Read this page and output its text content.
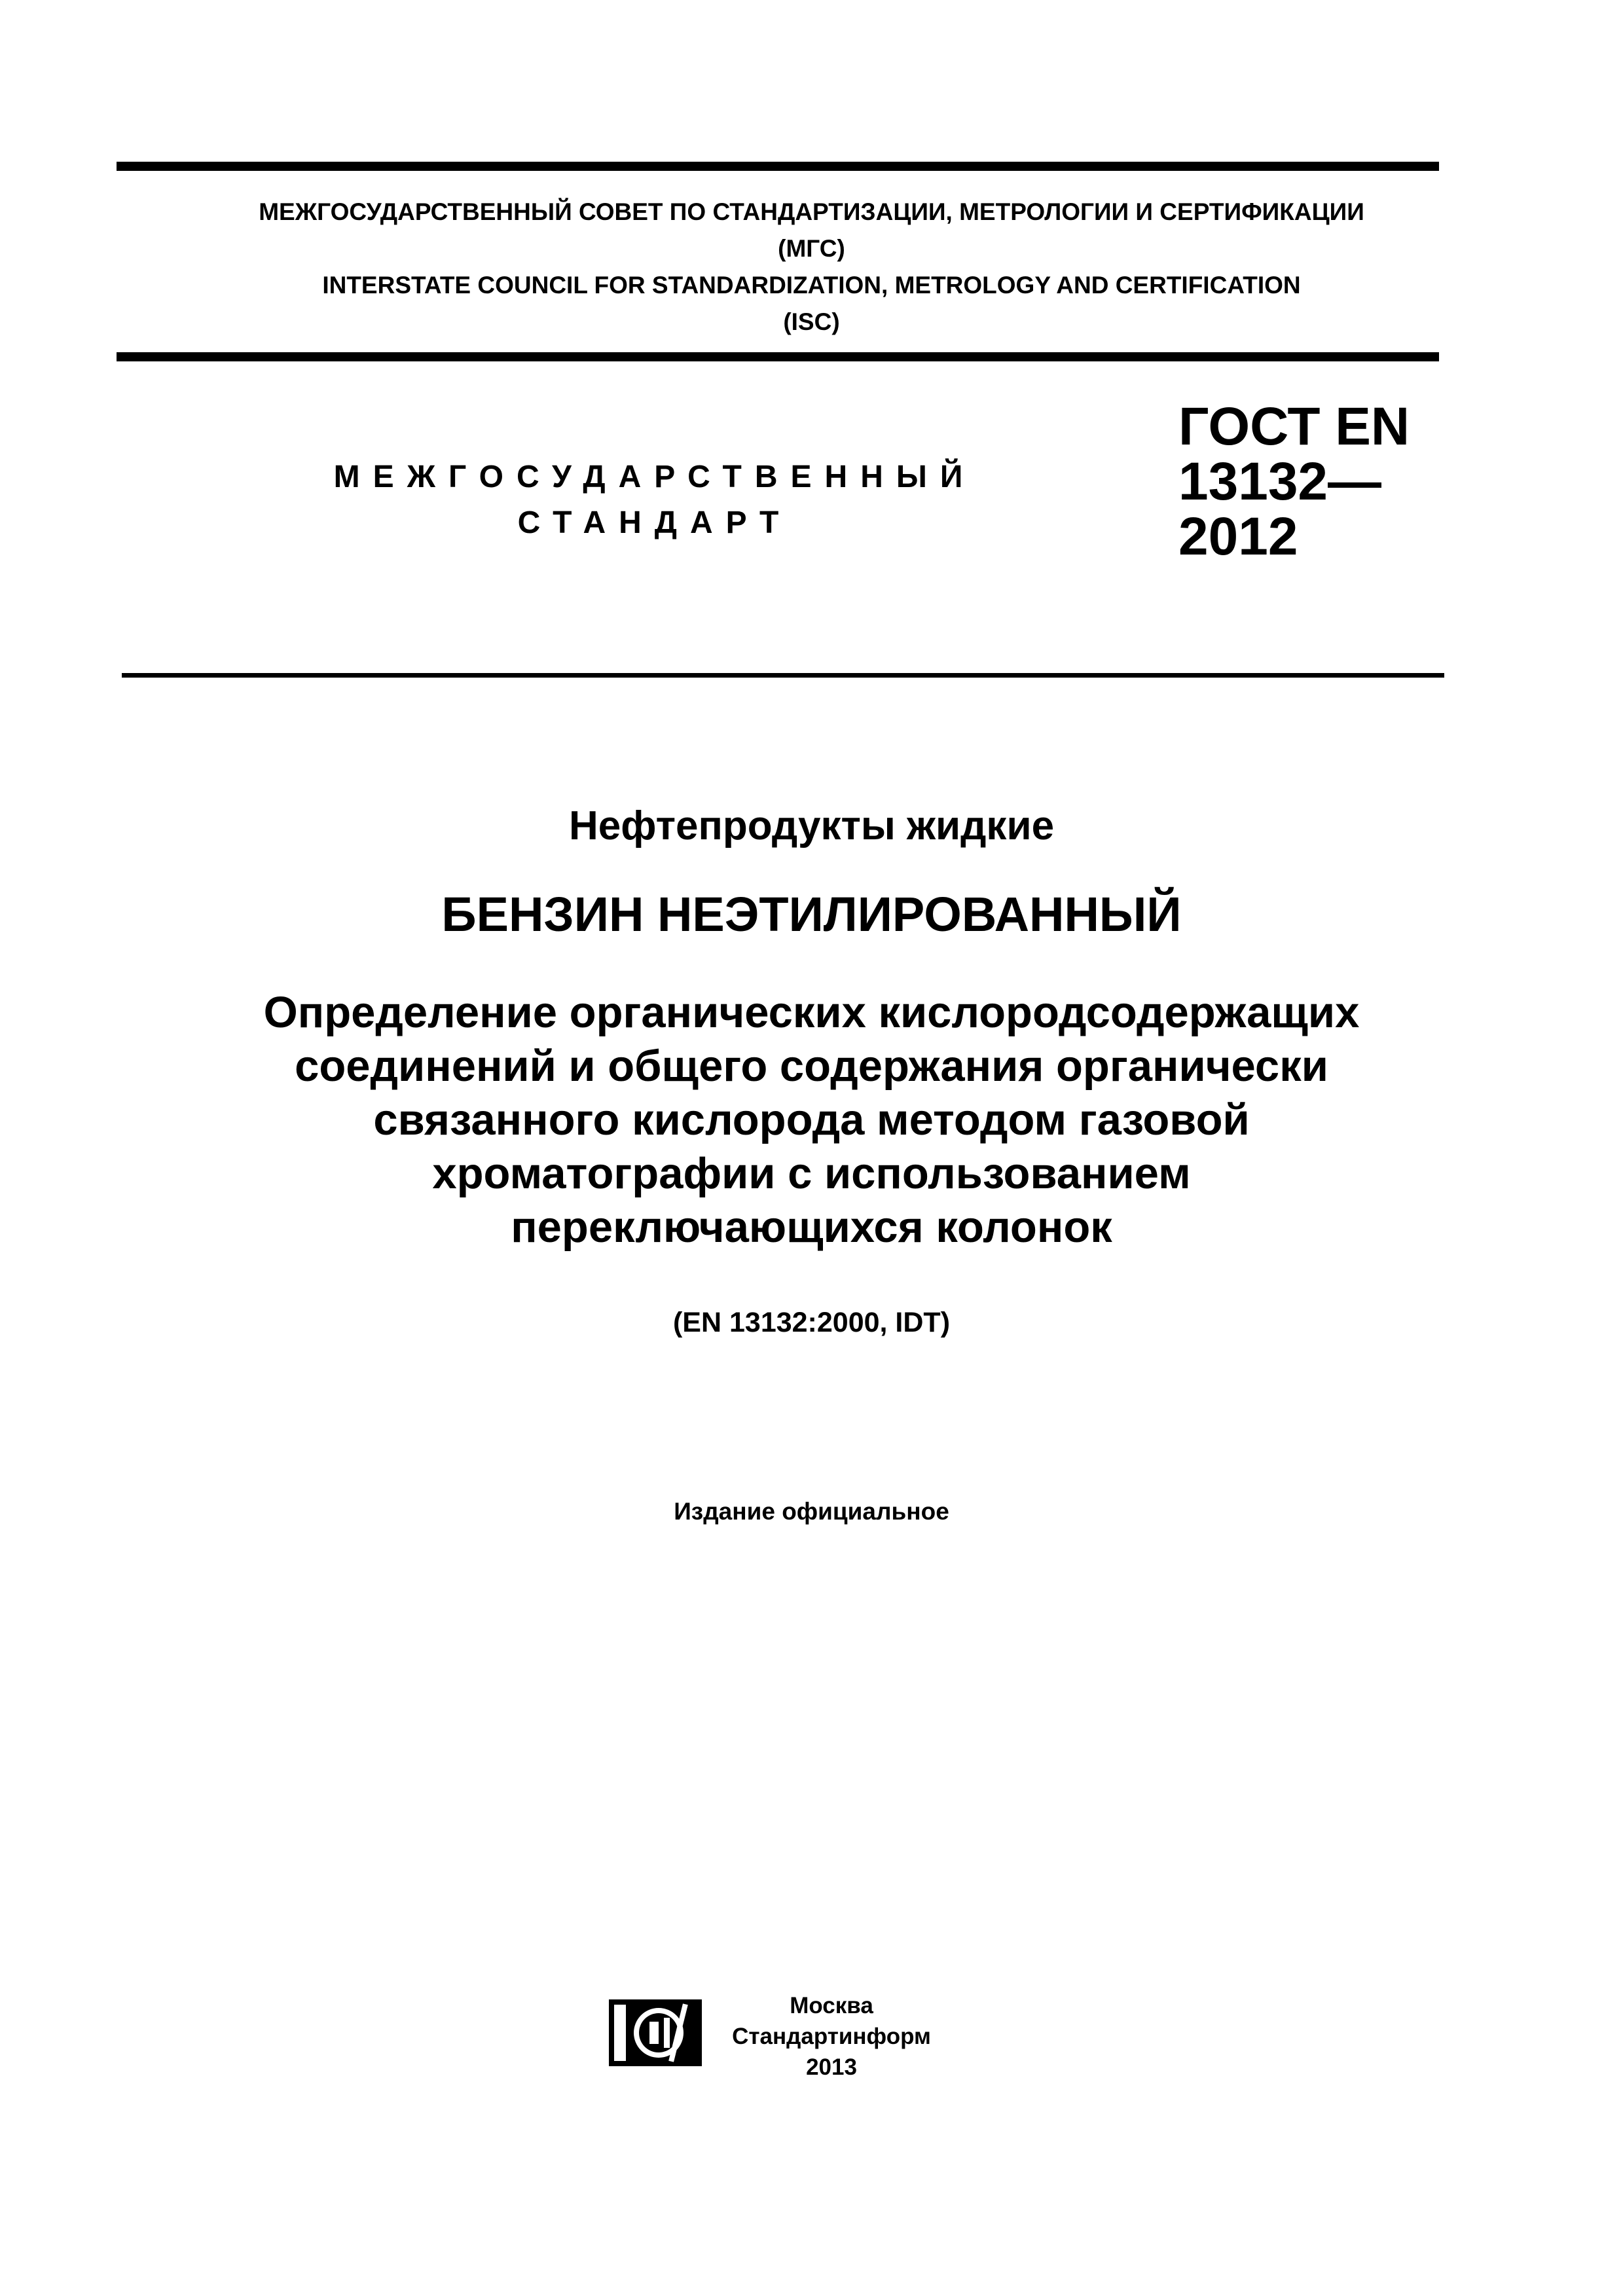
МЕЖГОСУДАРСТВЕННЫЙ СОВЕТ ПО СТАНДАРТИЗАЦИИ, МЕТРОЛОГИИ И СЕРТИФИКАЦИИ

(МГС)

INTERSTATE COUNCIL FOR STANDARDIZATION, METROLOGY AND CERTIFICATION

(ISC)

МЕЖГОСУДАРСТВЕННЫЙ
СТАНДАРТ
ГОСТ EN
13132—
2012

Нефтепродукты жидкие

БЕНЗИН НЕЭТИЛИРОВАННЫЙ

Определение органических кислородсодержащих

соединений и общего содержания органически

связанного кислорода методом газовой

хроматографии с использованием

переключающихся колонок

(EN 13132:2000, IDT)

Издание официальное

Москва
Стандартинформ
2013
